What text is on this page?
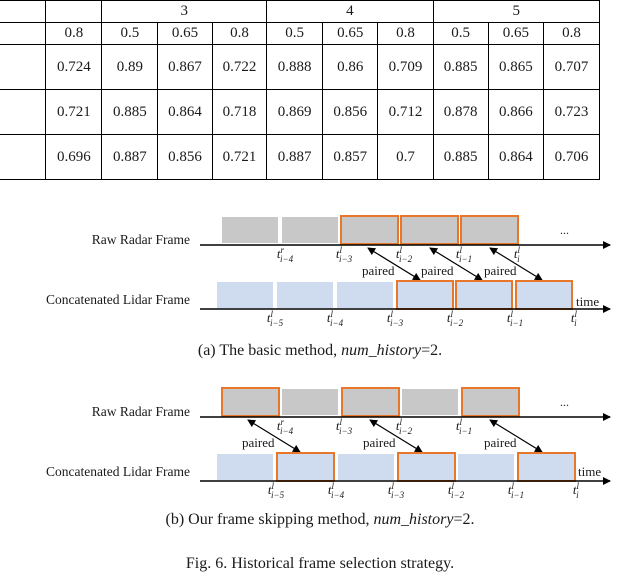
		3			4			5		
	0.8	0.5	0.65	0.8	0.5	0.65	0.8	0.5	0.65	0.8
	0.724	0.89	0.867	0.722	0.888	0.86	0.709	0.885	0.865	0.707
	0.721	0.885	0.864	0.718	0.869	0.856	0.712	0.878	0.866	0.723
	0.696	0.887	0.856	0.721	0.887	0.857	0.7	0.885	0.864	0.706
Raw Radar Frame
Concatenated Lidar Frame
...
$t^r$ i−4	$t^l$ i−3	$t^l$ i−2	$t^l$ i−1	$t^l$ i
paired paired paired
time
$t^l$ i−5	$t^l$ i−4	$t^l$ i−3	$t^l$ i−2	$t^l$ i−1	$t^l$ i
Raw Radar Frame
Concatenated Lidar Frame
...
$t^r$ i−4	$t^l$ i−3	$t^l$ i−2	$t^l$ i−1
paired	paired	paired
time
$t^l$ i−5	$t^l$ i−4	$t^l$ i−3	$t^l$ i−2	$t^l$ i−1	$t^l$ i
(a) The basic method, num_history=2.
(b) Our frame skipping method, num_history=2.
Fig. 6. Historical frame selection strategy.
